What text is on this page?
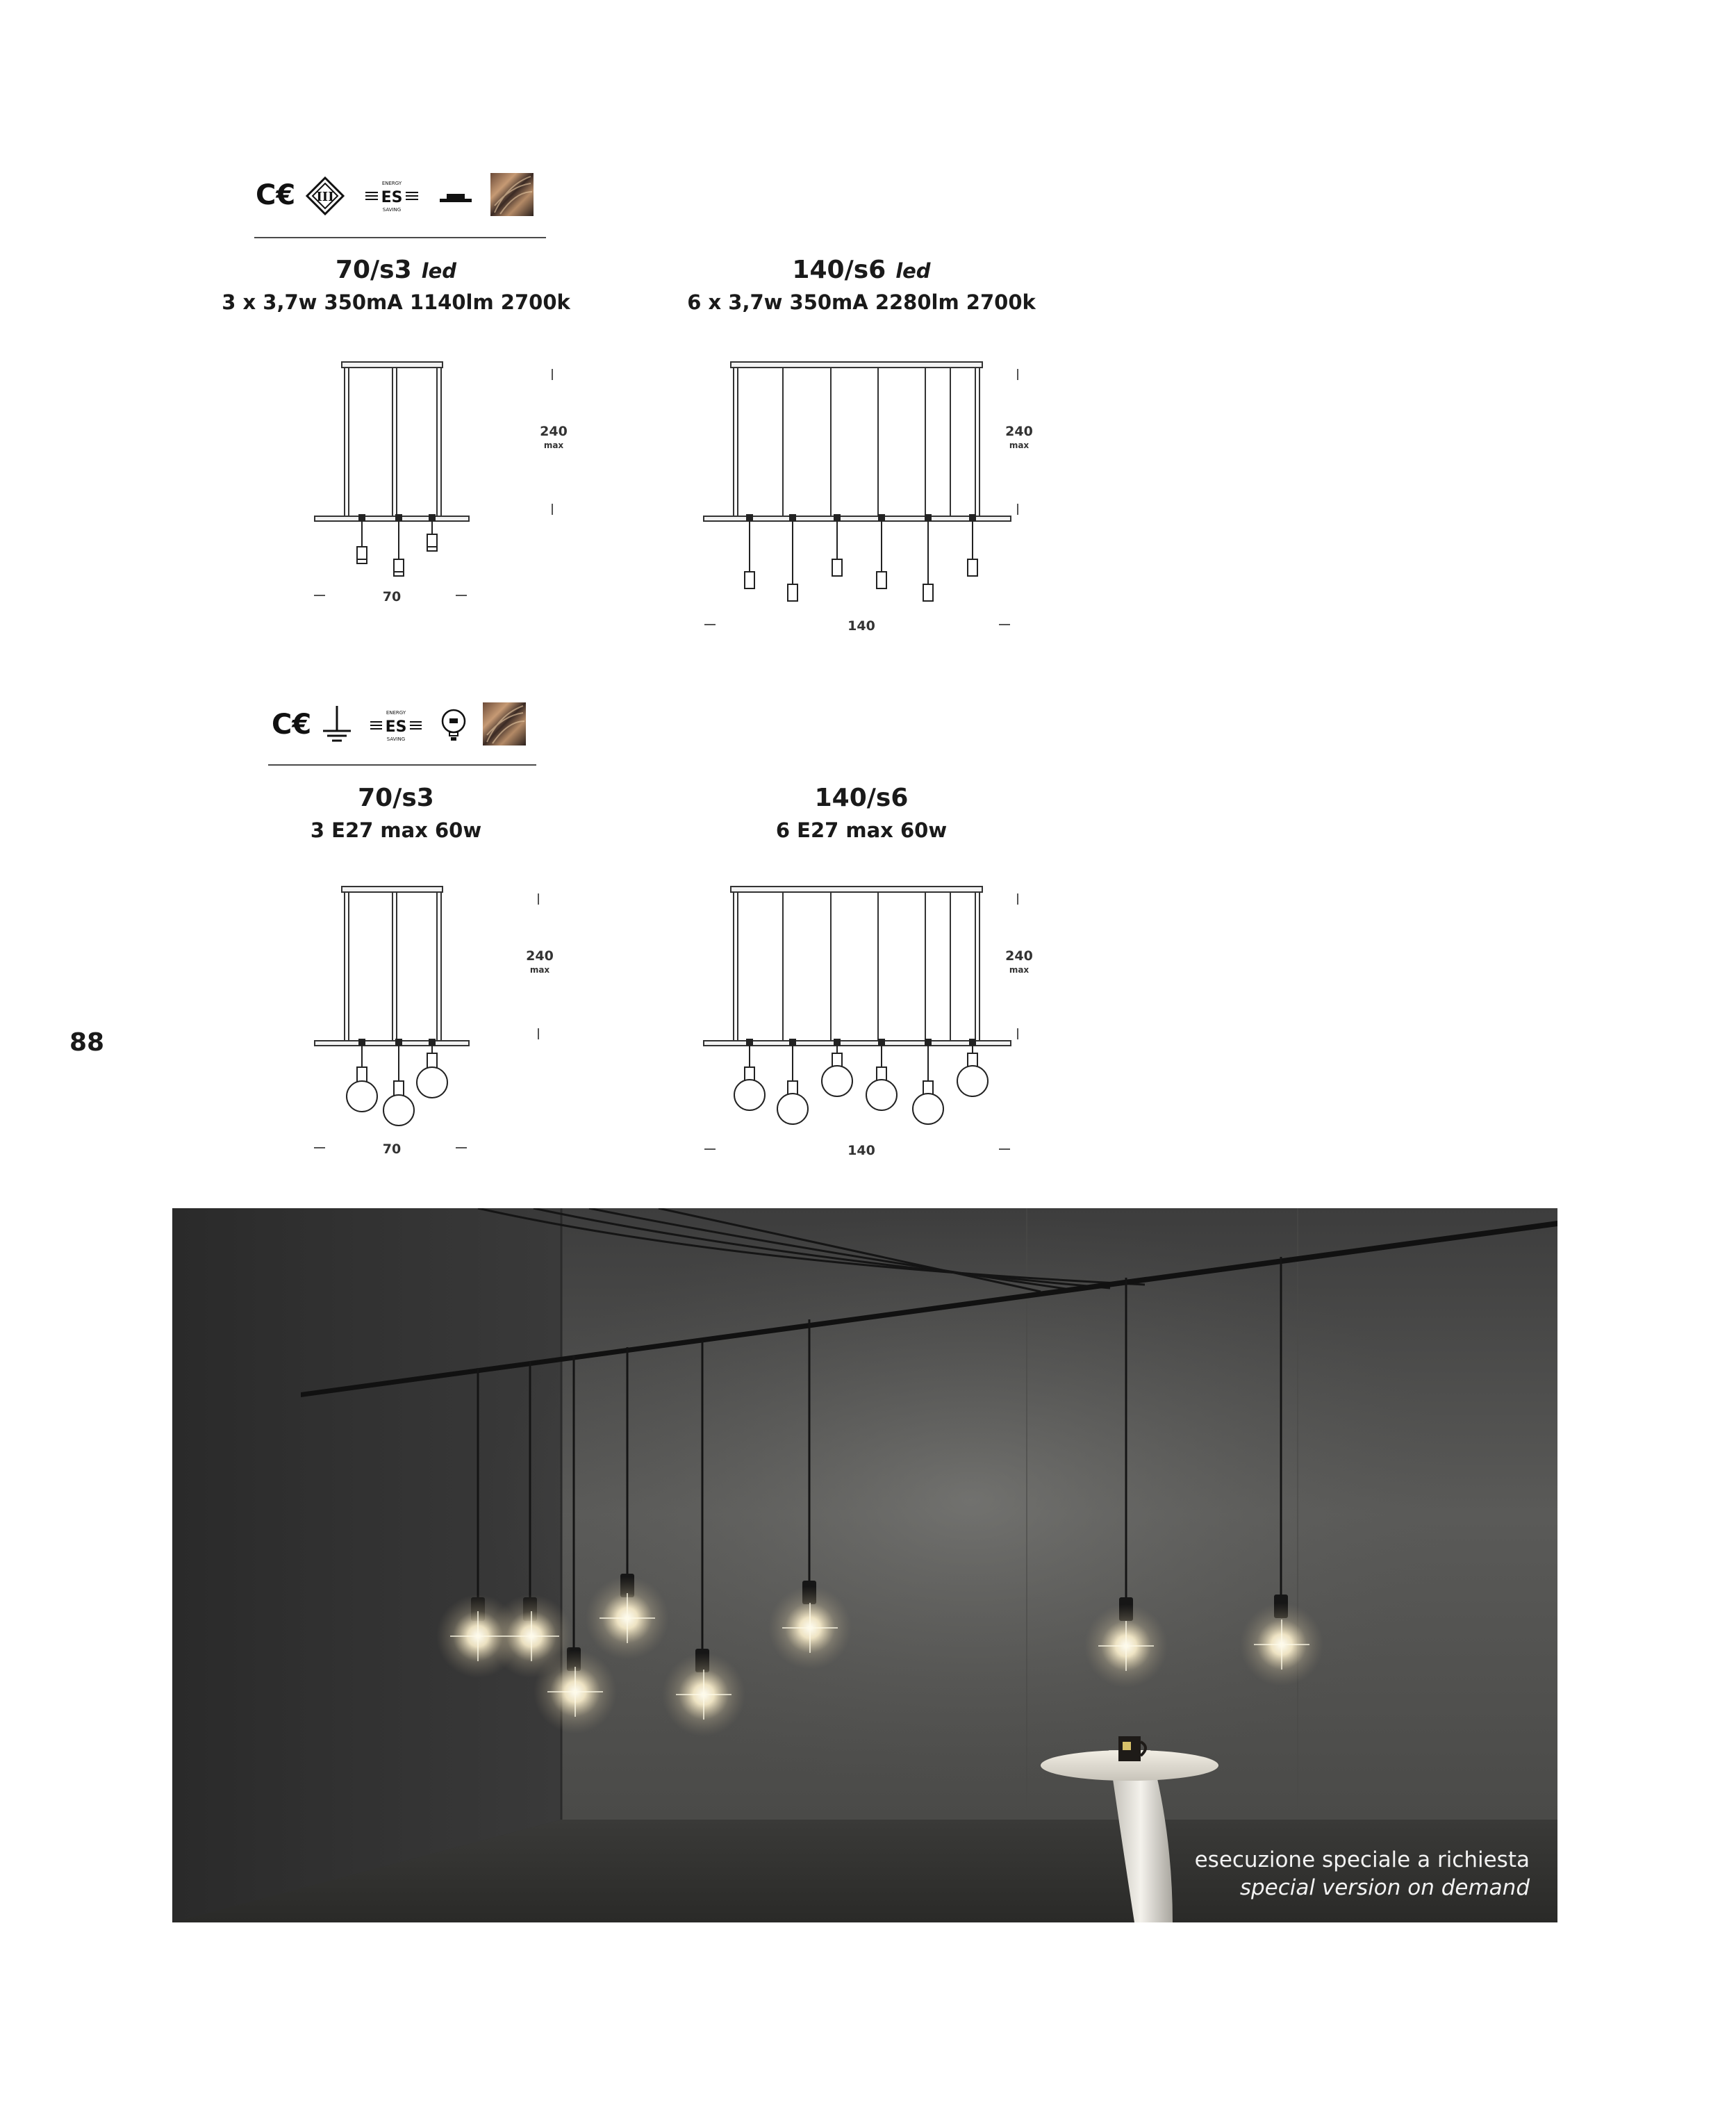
C€ III	ES
ENERGY
SAVING
70/s3 led
3 x 3,7w 350mA 1140lm 2700k
140/s6 led
6 x 3,7w 350mA 2280lm 2700k
240
max
70
240
max
140
C€	ES
ENERGY
SAVING
70/s3
3 E27 max 60w
140/s6
6 E27 max 60w
240
max
70
240
max
140
88
esecuzione speciale a richiesta
special version on demand
